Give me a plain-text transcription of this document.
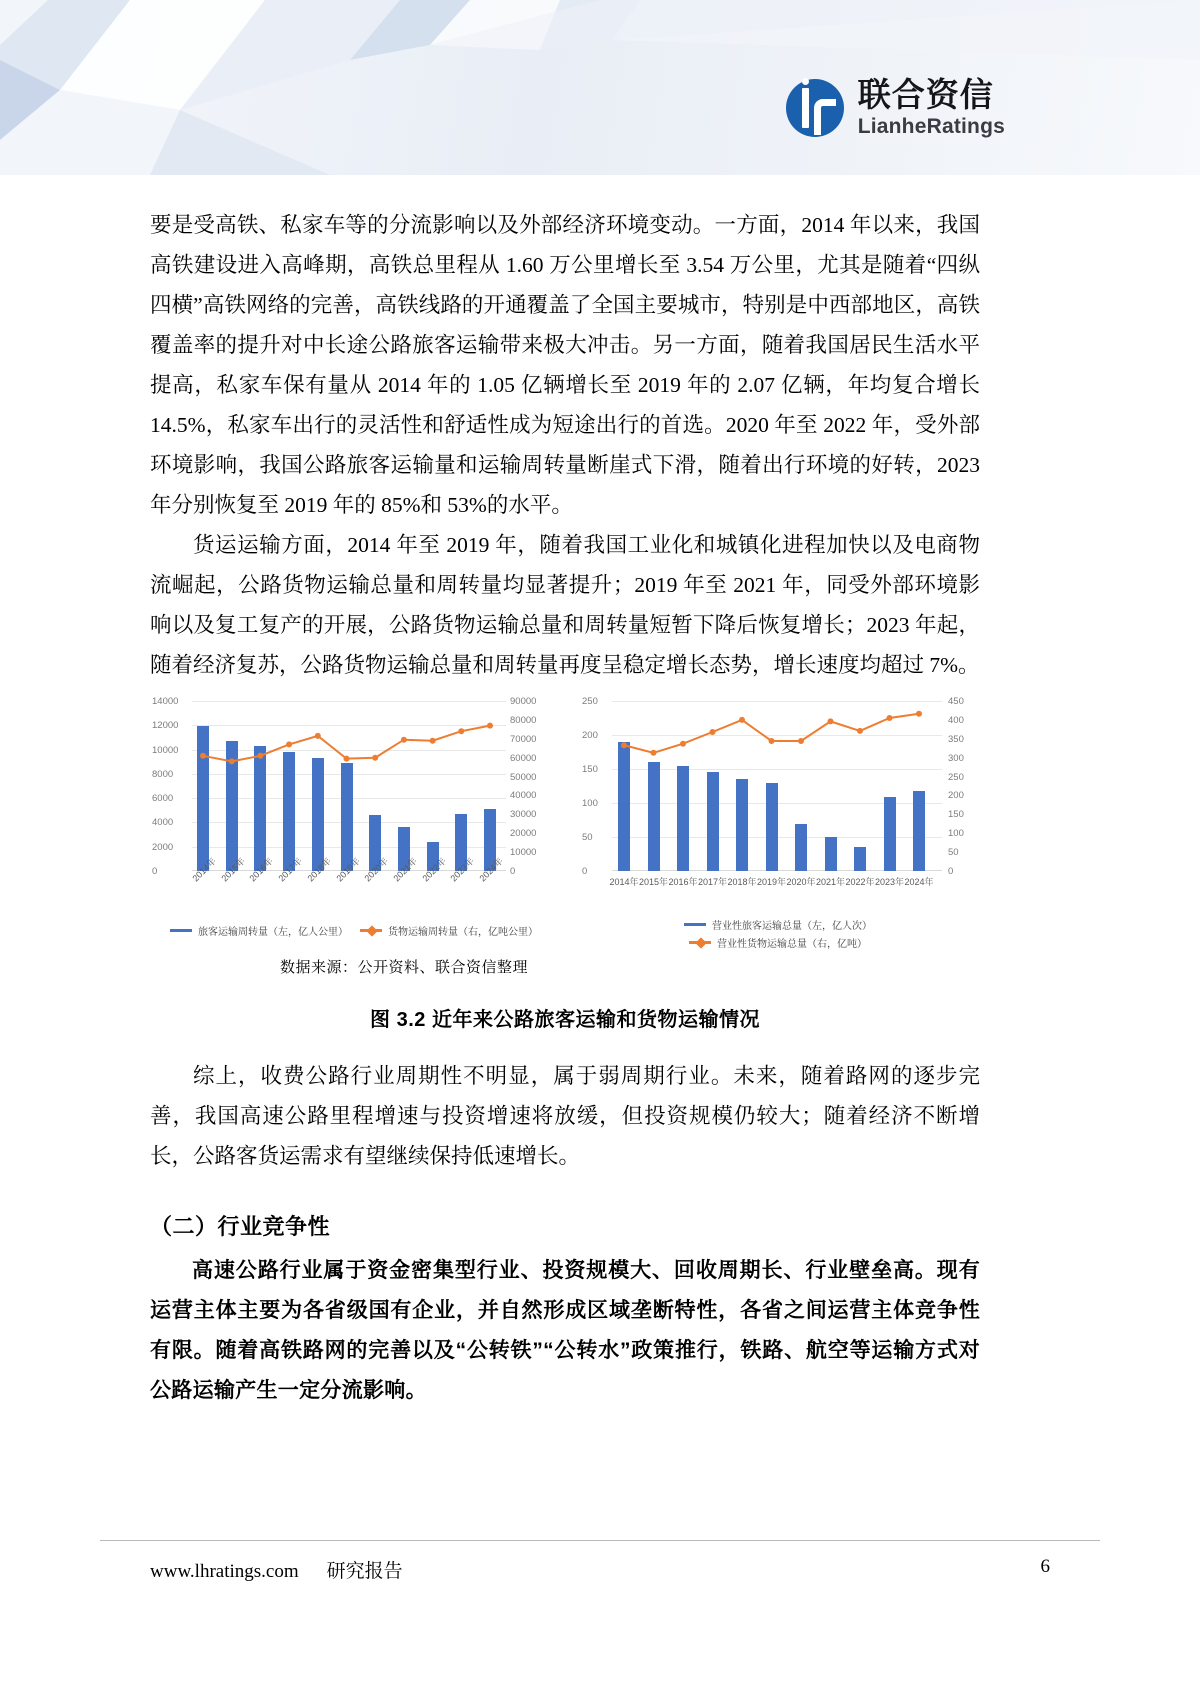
联合资信
LianheRatings

要是受高铁、私家车等的分流影响以及外部经济环境变动。一方面，2014 年以来，我国高铁建设进入高峰期，高铁总里程从 1.60 万公里增长至 3.54 万公里，尤其是随着“四纵四横”高铁网络的完善，高铁线路的开通覆盖了全国主要城市，特别是中西部地区，高铁覆盖率的提升对中长途公路旅客运输带来极大冲击。另一方面，随着我国居民生活水平提高，私家车保有量从 2014 年的 1.05 亿辆增长至 2019 年的 2.07 亿辆，年均复合增长 14.5%，私家车出行的灵活性和舒适性成为短途出行的首选。2020 年至 2022 年，受外部环境影响，我国公路旅客运输量和运输周转量断崖式下滑，随着出行环境的好转，2023 年分别恢复至 2019 年的 85%和 53%的水平。

货运运输方面，2014 年至 2019 年，随着我国工业化和城镇化进程加快以及电商物流崛起，公路货物运输总量和周转量均显著提升；2019 年至 2021 年，同受外部环境影响以及复工复产的开展，公路货物运输总量和周转量短暂下降后恢复增长；2023 年起，随着经济复苏，公路货物运输总量和周转量再度呈稳定增长态势，增长速度均超过 7%。

14000
12000
10000
8000
6000
4000
2000
0
90000
80000
70000
60000
50000
40000
30000
20000
10000
0
2014年 2015年 2016年 2017年 2018年 2019年 2020年 2021年 2022年 2023年 2024年
旅客运输周转量（左，亿人公里）	货物运输周转量（右，亿吨公里）
250
200
150
100
50
0
450
400
350
300
250
200
150
100
50
0
2014年 2015年 2016年 2017年 2018年 2019年 2020年 2021年 2022年 2023年 2024年
营业性旅客运输总量（左，亿人次）
营业性货物运输总量（右，亿吨）
数据来源：公开资料、联合资信整理
图 3.2 近年来公路旅客运输和货物运输情况

综上，收费公路行业周期性不明显，属于弱周期行业。未来，随着路网的逐步完善，我国高速公路里程增速与投资增速将放缓，但投资规模仍较大；随着经济不断增长，公路客货运需求有望继续保持低速增长。

（二）行业竞争性

高速公路行业属于资金密集型行业、投资规模大、回收周期长、行业壁垒高。现有运营主体主要为各省级国有企业，并自然形成区域垄断特性，各省之间运营主体竞争性有限。随着高铁路网的完善以及“公转铁”“公转水”政策推行，铁路、航空等运输方式对公路运输产生一定分流影响。

www.lhratings.com 研究报告	6
